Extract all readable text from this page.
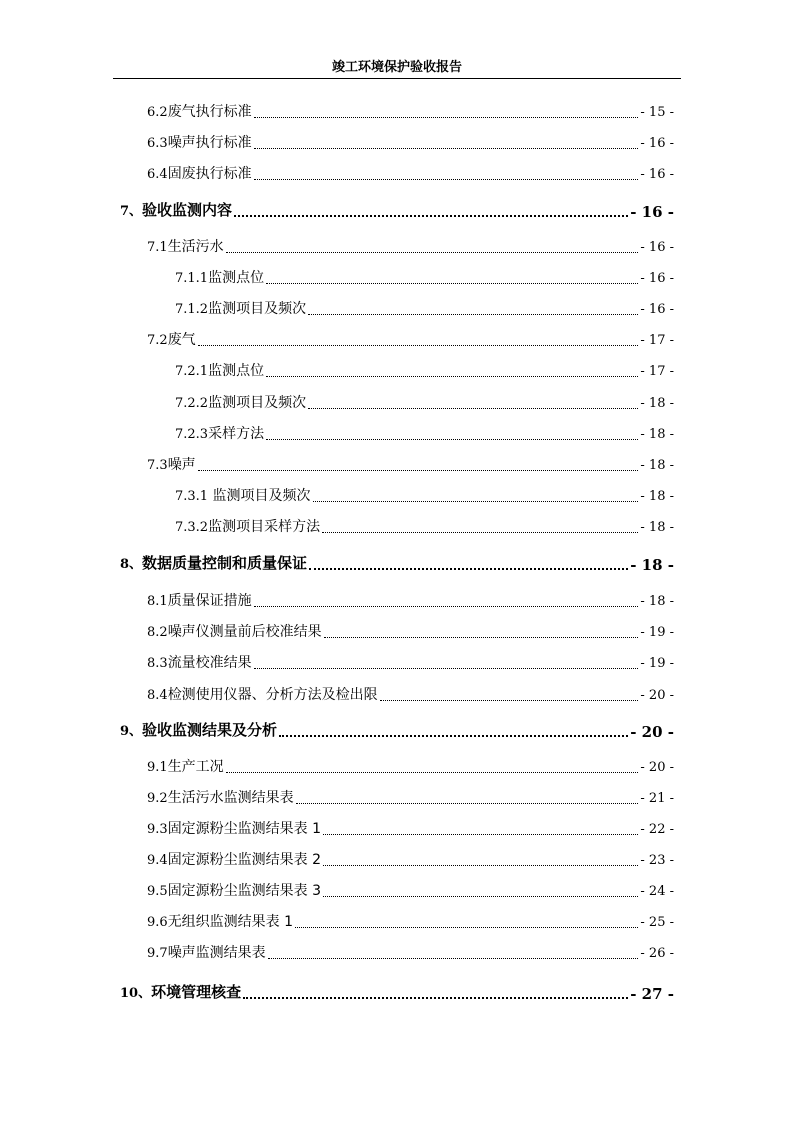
竣工环境保护验收报告
6.2废气执行标准	- 15 -
6.3噪声执行标准	- 16 -
6.4固废执行标准	- 16 -
7、验收监测内容	- 16 -
7.1生活污水	- 16 -
7.1.1监测点位	- 16 -
7.1.2监测项目及频次	- 16 -
7.2废气	- 17 -
7.2.1监测点位	- 17 -
7.2.2监测项目及频次	- 18 -
7.2.3采样方法	- 18 -
7.3噪声	- 18 -
7.3.1 监测项目及频次	- 18 -
7.3.2监测项目采样方法	- 18 -
8、数据质量控制和质量保证	- 18 -
8.1质量保证措施	- 18 -
8.2噪声仪测量前后校准结果	- 19 -
8.3流量校准结果	- 19 -
8.4检测使用仪器、分析方法及检出限	- 20 -
9、验收监测结果及分析	- 20 -
9.1生产工况	- 20 -
9.2生活污水监测结果表	- 21 -
9.3固定源粉尘监测结果表 1	- 22 -
9.4固定源粉尘监测结果表 2	- 23 -
9.5固定源粉尘监测结果表 3	- 24 -
9.6无组织监测结果表 1	- 25 -
9.7噪声监测结果表	- 26 -
10、环境管理核查	- 27 -
